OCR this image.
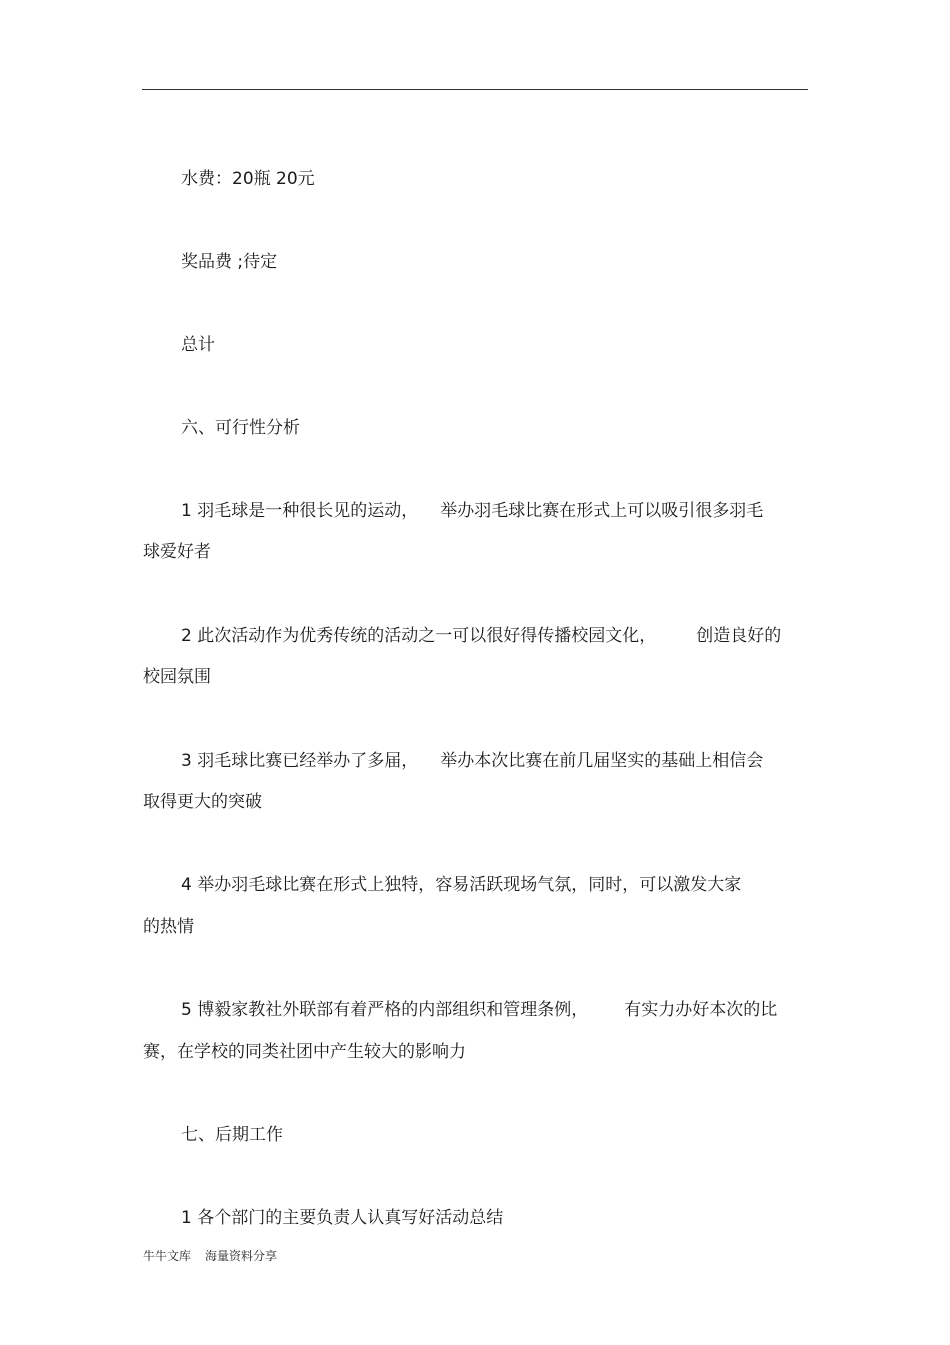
水费：20瓶 20元
奖品费 ;待定
总计
六、可行性分析
1 羽毛球是一种很长见的运动， 举办羽毛球比赛在形式上可以吸引很多羽毛
球爱好者
2 此次活动作为优秀传统的活动之一可以很好得传播校园文化， 创造良好的
校园氛围
3 羽毛球比赛已经举办了多届， 举办本次比赛在前几届坚实的基础上相信会
取得更大的突破
4 举办羽毛球比赛在形式上独特，容易活跃现场气氛，同时，可以激发大家
的热情
5 博毅家教社外联部有着严格的内部组织和管理条例， 有实力办好本次的比
赛，在学校的同类社团中产生较大的影响力
七、后期工作
1 各个部门的主要负责人认真写好活动总结
牛牛文库 海量资料分享
